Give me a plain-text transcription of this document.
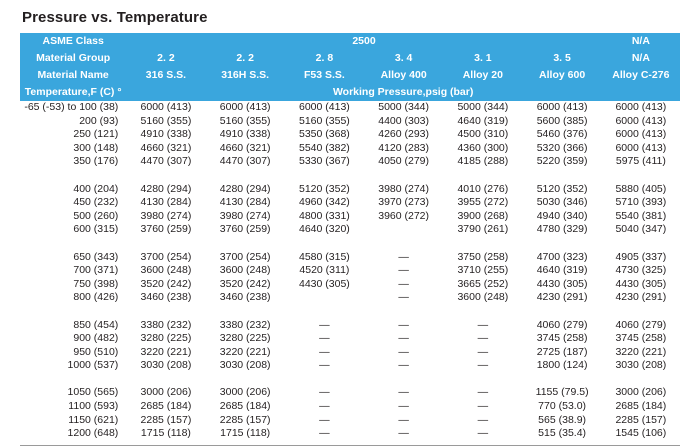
Pressure vs. Temperature
ASME Class	2500						N/A
Material Group	2. 2	2. 2	2. 8	3. 4	3. 1	3. 5	N/A
Material Name	316 S.S.	316H S.S.	F53 S.S.	Alloy 400	Alloy 20	Alloy 600	Alloy C-276
Temperature,F (C) °	Working Pressure,psig (bar)						
-65 (-53) to 100 (38)	6000 (413)	6000 (413)	6000 (413)	5000 (344)	5000 (344)	6000 (413)	6000 (413)
200 (93)	5160 (355)	5160 (355)	5160 (355)	4400 (303)	4640 (319)	5600 (385)	6000 (413)
250 (121)	4910 (338)	4910 (338)	5350 (368)	4260 (293)	4500 (310)	5460 (376)	6000 (413)
300 (148)	4660 (321)	4660 (321)	5540 (382)	4120 (283)	4360 (300)	5320 (366)	6000 (413)
350 (176)	4470 (307)	4470 (307)	5330 (367)	4050 (279)	4185 (288)	5220 (359)	5975 (411)

400 (204)	4280 (294)	4280 (294)	5120 (352)	3980 (274)	4010 (276)	5120 (352)	5880 (405)
450 (232)	4130 (284)	4130 (284)	4960 (342)	3970 (273)	3955 (272)	5030 (346)	5710 (393)
500 (260)	3980 (274)	3980 (274)	4800 (331)	3960 (272)	3900 (268)	4940 (340)	5540 (381)
600 (315)	3760 (259)	3760 (259)	4640 (320)		3790 (261)	4780 (329)	5040 (347)

650 (343)	3700 (254)	3700 (254)	4580 (315)	—	3750 (258)	4700 (323)	4905 (337)
700 (371)	3600 (248)	3600 (248)	4520 (311)	—	3710 (255)	4640 (319)	4730 (325)
750 (398)	3520 (242)	3520 (242)	4430 (305)	—	3665 (252)	4430 (305)	4430 (305)
800 (426)	3460 (238)	3460 (238)		—	3600 (248)	4230 (291)	4230 (291)

850 (454)	3380 (232)	3380 (232)	—	—	—	4060 (279)	4060 (279)
900 (482)	3280 (225)	3280 (225)	—	—	—	3745 (258)	3745 (258)
950 (510)	3220 (221)	3220 (221)	—	—	—	2725 (187)	3220 (221)
1000 (537)	3030 (208)	3030 (208)	—	—	—	1800 (124)	3030 (208)

1050 (565)	3000 (206)	3000 (206)	—	—	—	1155 (79.5)	3000 (206)
1100 (593)	2685 (184)	2685 (184)	—	—	—	770 (53.0)	2685 (184)
1150 (621)	2285 (157)	2285 (157)	—	—	—	565 (38.9)	2285 (157)
1200 (648)	1715 (118)	1715 (118)	—	—	—	515 (35.4)	1545 (106)
